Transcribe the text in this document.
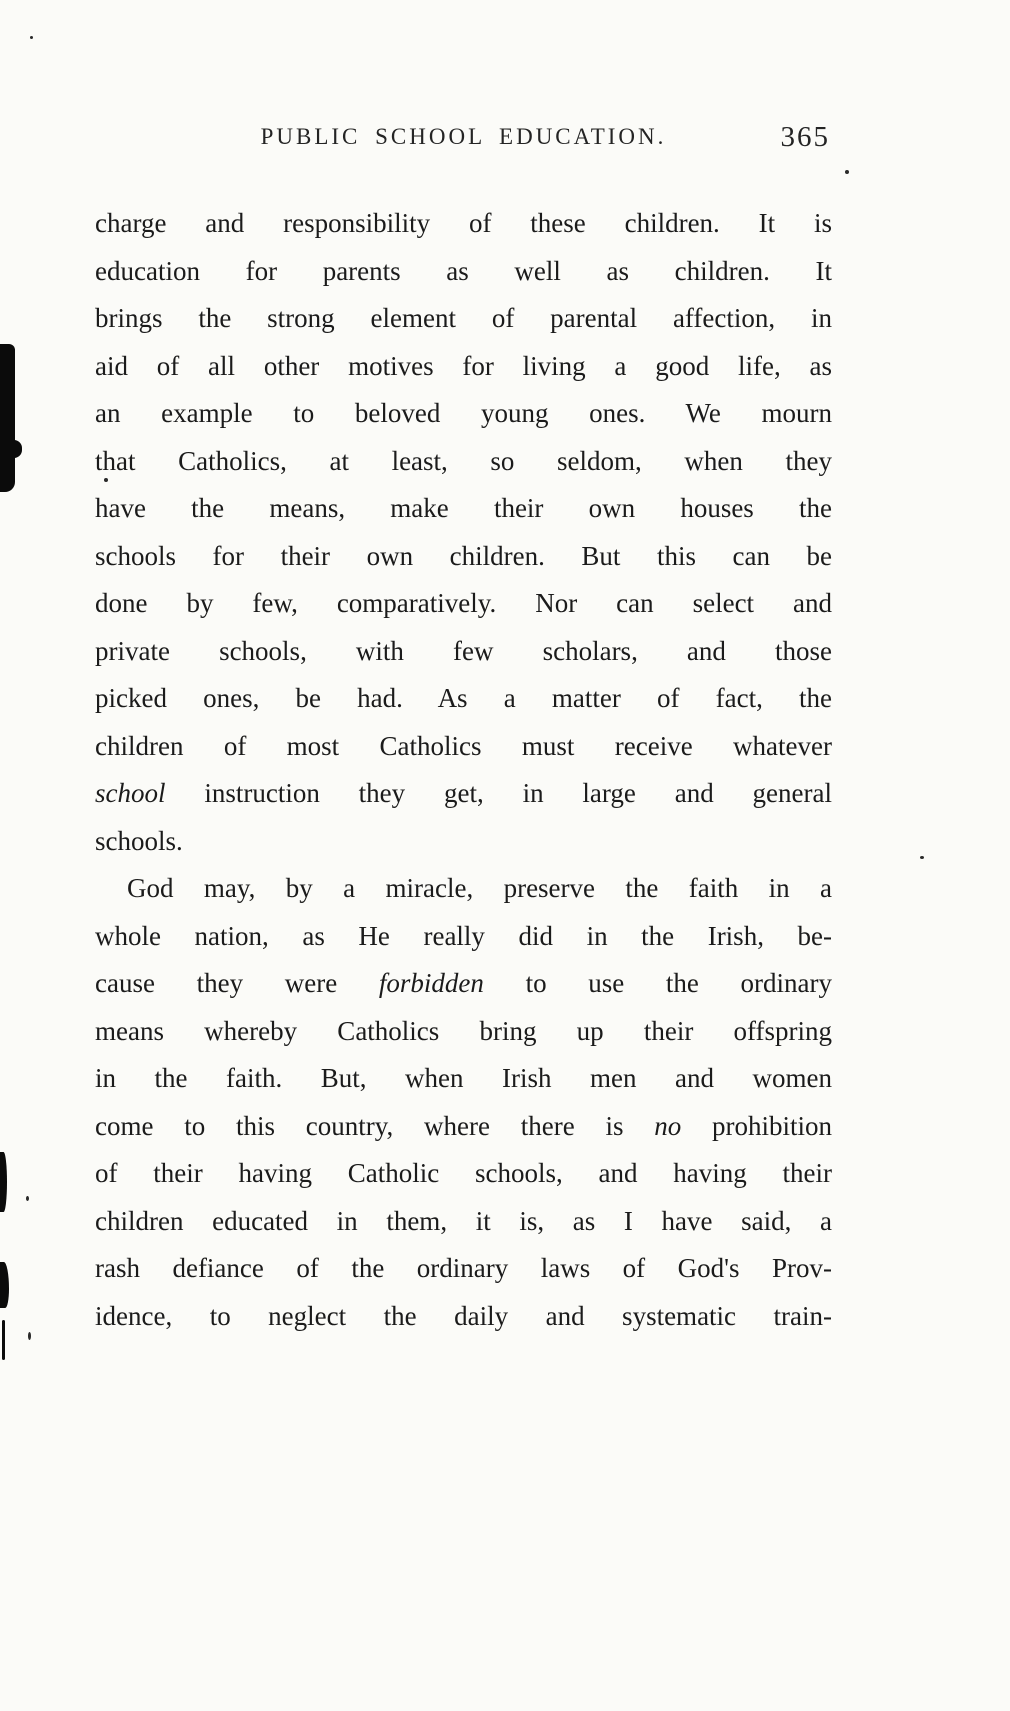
PUBLIC SCHOOL EDUCATION.	365
charge and responsibility of these children. It is
education for parents as well as children. It
brings the strong element of parental affection, in
aid of all other motives for living a good life, as
an example to beloved young ones. We mourn
that Catholics, at least, so seldom, when they
have the means, make their own houses the
schools for their own children. But this can be
done by few, comparatively. Nor can select and
private schools, with few scholars, and those
picked ones, be had. As a matter of fact, the
children of most Catholics must receive whatever
school instruction they get, in large and general
schools.
God may, by a miracle, preserve the faith in a
whole nation, as He really did in the Irish, be-
cause they were forbidden to use the ordinary
means whereby Catholics bring up their offspring
in the faith. But, when Irish men and women
come to this country, where there is no prohibition
of their having Catholic schools, and having their
children educated in them, it is, as I have said, a
rash defiance of the ordinary laws of God's Prov-
idence, to neglect the daily and systematic train-
